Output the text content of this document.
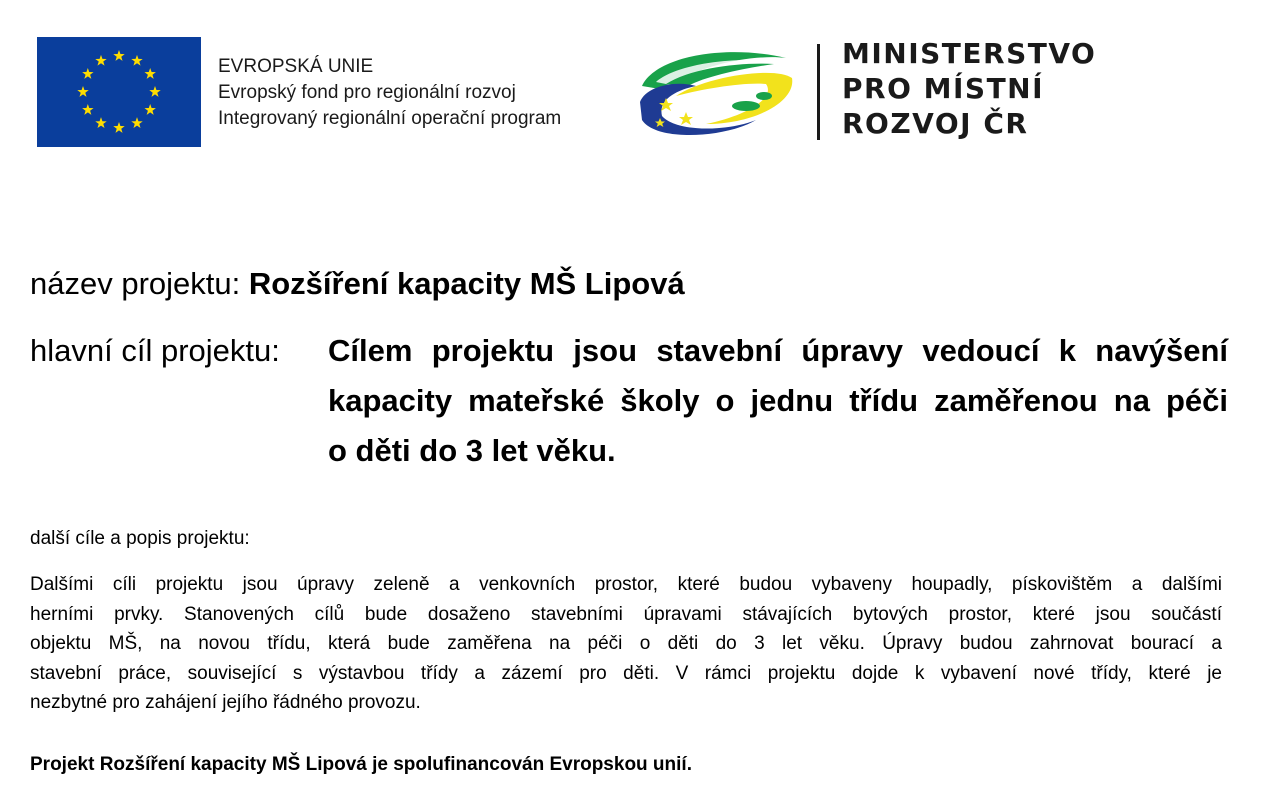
EVROPSKÁ UNIE
Evropský fond pro regionální rozvoj
Integrovaný regionální operační program
MINISTERSTVO
PRO MÍSTNÍ
ROZVOJ ČR
název projektu: Rozšíření kapacity MŠ Lipová
hlavní cíl projektu: Cílem projektu jsou stavební úpravy vedoucí k navýšení
kapacity mateřské školy o jednu třídu zaměřenou na péči
o děti do 3 let věku.
další cíle a popis projektu:
Dalšími cíli projektu jsou úpravy zeleně a venkovních prostor, které budou vybaveny houpadly, pískovištěm a dalšími
herními prvky. Stanovených cílů bude dosaženo stavebními úpravami stávajících bytových prostor, které jsou součástí
objektu MŠ, na novou třídu, která bude zaměřena na péči o děti do 3 let věku. Úpravy budou zahrnovat bourací a
stavební práce, související s výstavbou třídy a zázemí pro děti. V rámci projektu dojde k vybavení nové třídy, které je
nezbytné pro zahájení jejího řádného provozu.
Projekt Rozšíření kapacity MŠ Lipová je spolufinancován Evropskou unií.
